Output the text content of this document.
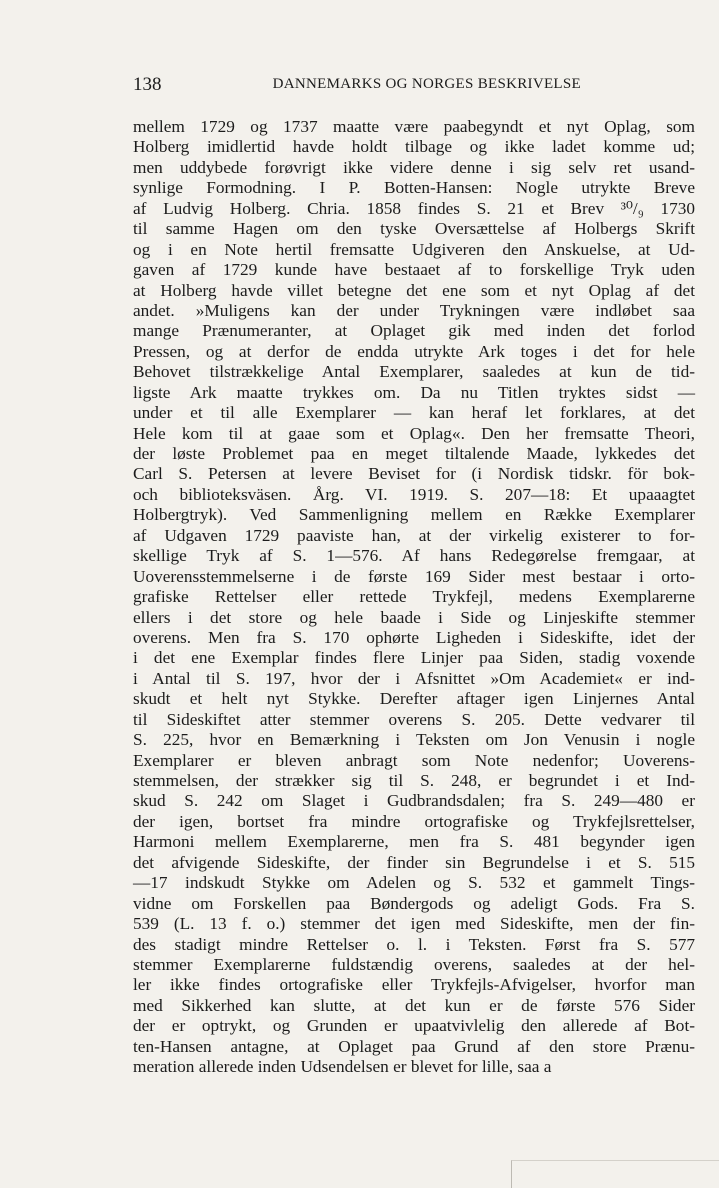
138	DANNEMARKS OG NORGES BESKRIVELSE
mellem 1729 og 1737 maatte være paabegyndt et nyt Oplag, som
Holberg imidlertid havde holdt tilbage og ikke ladet komme ud;
men uddybede forøvrigt ikke videre denne i sig selv ret usand-
synlige Formodning. I P. Botten-Hansen: Nogle utrykte Breve
af Ludvig Holberg. Chria. 1858 findes S. 21 et Brev ³⁰/₉ 1730
til samme Hagen om den tyske Oversættelse af Holbergs Skrift
og i en Note hertil fremsatte Udgiveren den Anskuelse, at Ud-
gaven af 1729 kunde have bestaaet af to forskellige Tryk uden
at Holberg havde villet betegne det ene som et nyt Oplag af det
andet. »Muligens kan der under Trykningen være indløbet saa
mange Prænumeranter, at Oplaget gik med inden det forlod
Pressen, og at derfor de endda utrykte Ark toges i det for hele
Behovet tilstrækkelige Antal Exemplarer, saaledes at kun de tid-
ligste Ark maatte trykkes om. Da nu Titlen tryktes sidst —
under et til alle Exemplarer — kan heraf let forklares, at det
Hele kom til at gaae som et Oplag«. Den her fremsatte Theori,
der løste Problemet paa en meget tiltalende Maade, lykkedes det
Carl S. Petersen at levere Beviset for (i Nordisk tidskr. för bok-
och biblioteksväsen. Årg. VI. 1919. S. 207—18: Et upaaagtet
Holbergtryk). Ved Sammenligning mellem en Række Exemplarer
af Udgaven 1729 paaviste han, at der virkelig existerer to for-
skellige Tryk af S. 1—576. Af hans Redegørelse fremgaar, at
Uoverensstemmelserne i de første 169 Sider mest bestaar i orto-
grafiske Rettelser eller rettede Trykfejl, medens Exemplarerne
ellers i det store og hele baade i Side og Linjeskifte stemmer
overens. Men fra S. 170 ophørte Ligheden i Sideskifte, idet der
i det ene Exemplar findes flere Linjer paa Siden, stadig voxende
i Antal til S. 197, hvor der i Afsnittet »Om Academiet« er ind-
skudt et helt nyt Stykke. Derefter aftager igen Linjernes Antal
til Sideskiftet atter stemmer overens S. 205. Dette vedvarer til
S. 225, hvor en Bemærkning i Teksten om Jon Venusin i nogle
Exemplarer er bleven anbragt som Note nedenfor; Uoverens-
stemmelsen, der strækker sig til S. 248, er begrundet i et Ind-
skud S. 242 om Slaget i Gudbrandsdalen; fra S. 249—480 er
der igen, bortset fra mindre ortografiske og Trykfejlsrettelser,
Harmoni mellem Exemplarerne, men fra S. 481 begynder igen
det afvigende Sideskifte, der finder sin Begrundelse i et S. 515
—17 indskudt Stykke om Adelen og S. 532 et gammelt Tings-
vidne om Forskellen paa Bøndergods og adeligt Gods. Fra S.
539 (L. 13 f. o.) stemmer det igen med Sideskifte, men der fin-
des stadigt mindre Rettelser o. l. i Teksten. Først fra S. 577
stemmer Exemplarerne fuldstændig overens, saaledes at der hel-
ler ikke findes ortografiske eller Trykfejls-Afvigelser, hvorfor man
med Sikkerhed kan slutte, at det kun er de første 576 Sider
der er optrykt, og Grunden er upaatvivlelig den allerede af Bot-
ten-Hansen antagne, at Oplaget paa Grund af den store Prænu-
meration allerede inden Udsendelsen er blevet for lille, saa a
